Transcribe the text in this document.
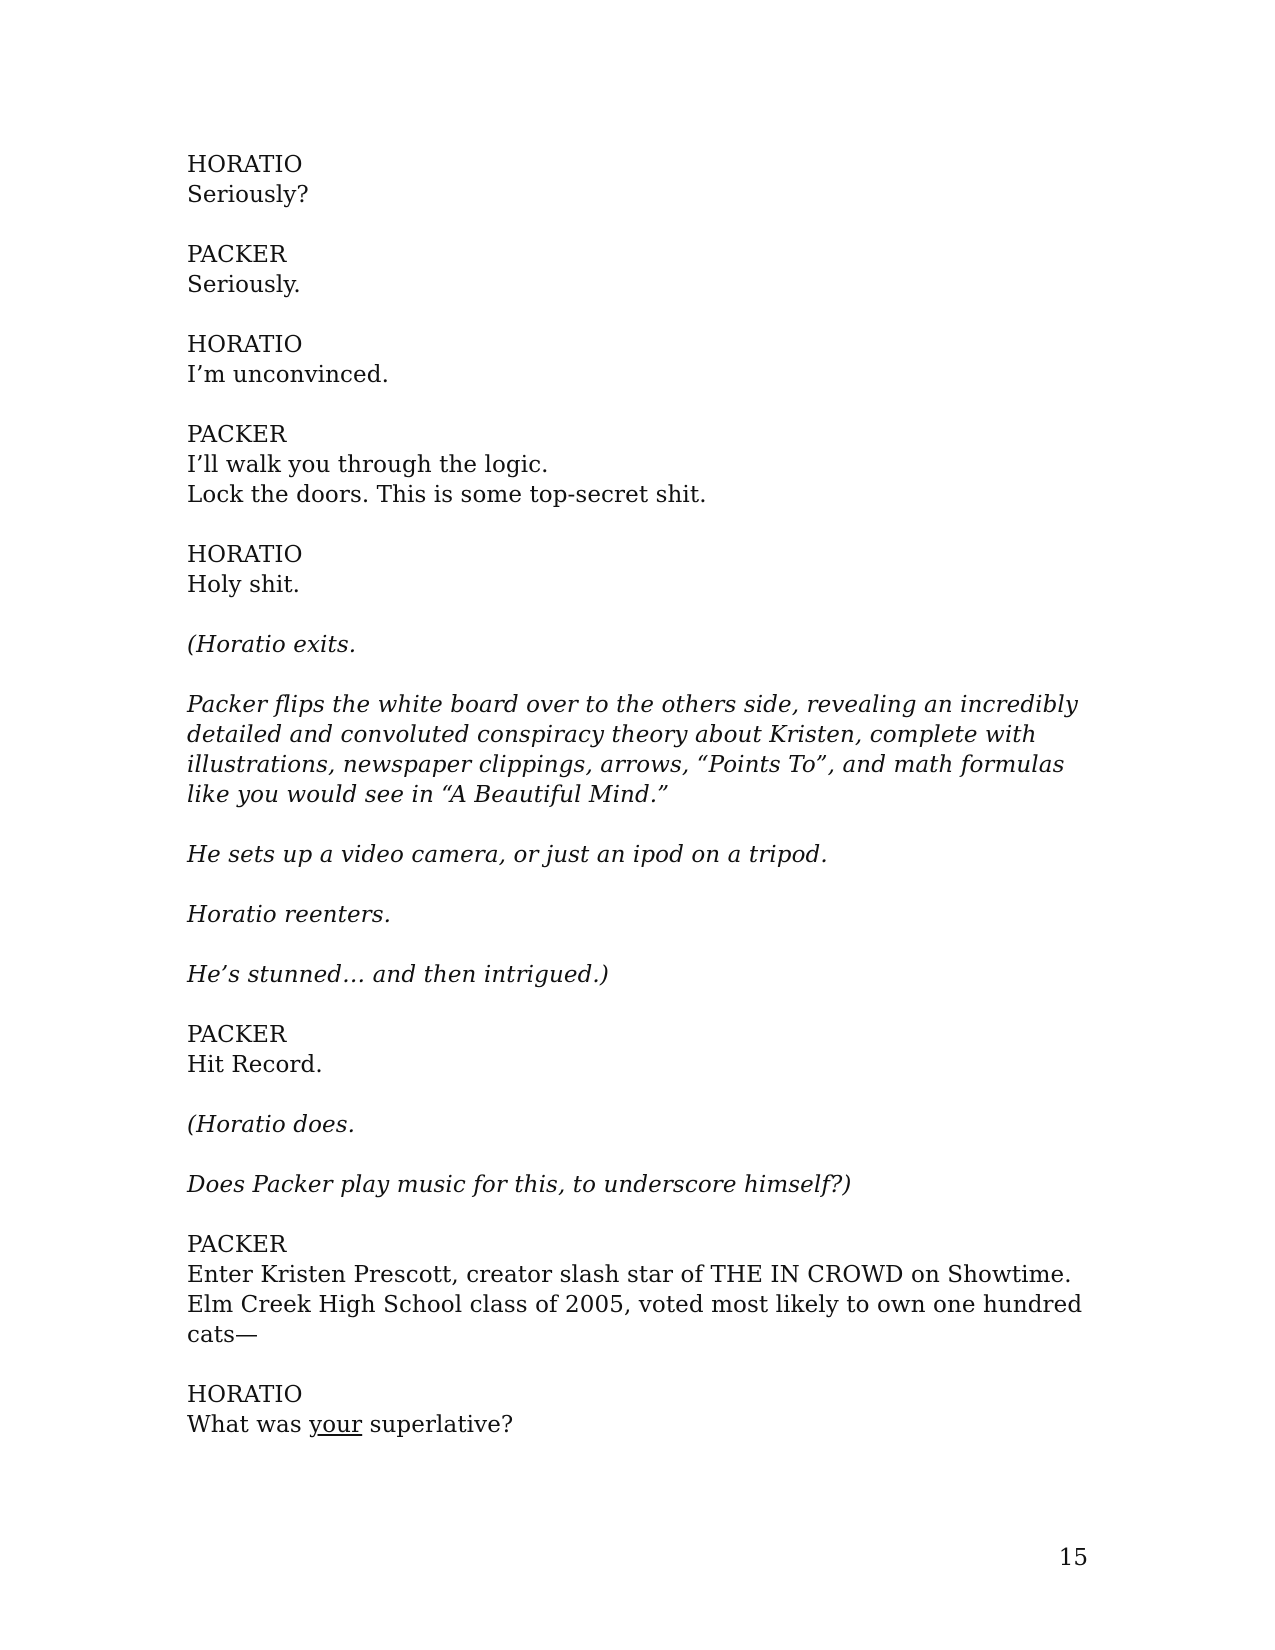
HORATIO
Seriously?
PACKER
Seriously.
HORATIO
I’m unconvinced.
PACKER
I’ll walk you through the logic.
Lock the doors. This is some top-secret shit.
HORATIO
Holy shit.
(Horatio exits.
Packer flips the white board over to the others side, revealing an incredibly detailed and convoluted conspiracy theory about Kristen, complete with illustrations, newspaper clippings, arrows, “Points To”, and math formulas like you would see in “A Beautiful Mind.”
He sets up a video camera, or just an ipod on a tripod.
Horatio reenters.
He’s stunned… and then intrigued.)
PACKER
Hit Record.
(Horatio does.
Does Packer play music for this, to underscore himself?)
PACKER
Enter Kristen Prescott, creator slash star of THE IN CROWD on Showtime. Elm Creek High School class of 2005, voted most likely to own one hundred cats—
HORATIO
What was your superlative?
15
